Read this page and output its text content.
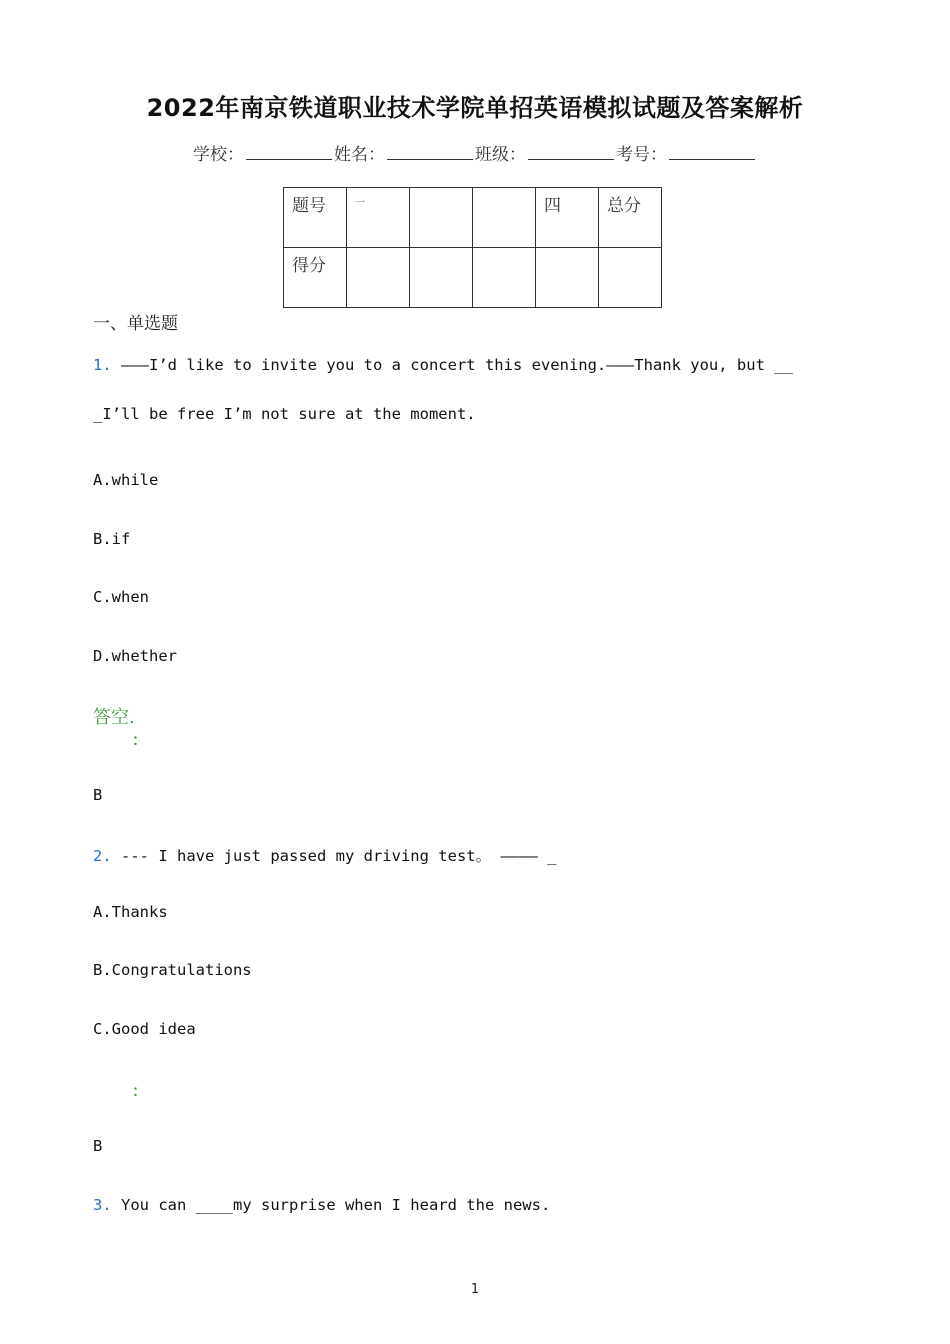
2022年南京铁道职业技术学院单招英语模拟试题及答案解析
学校：	姓名：	班级：	考号：
题号	一			四	总分
得分					
一、单选题
1. ———I’d like to invite you to a concert this evening.———Thank you, but __
_I’ll be free I’m not sure at the moment.
A.while
B.if
C.when
D.whether
答空.
：
B
2. --- I have just passed my driving test。 ———— _
A.Thanks
B.Congratulations
C.Good idea
：
B
3. You can ____my surprise when I heard the news.
1
